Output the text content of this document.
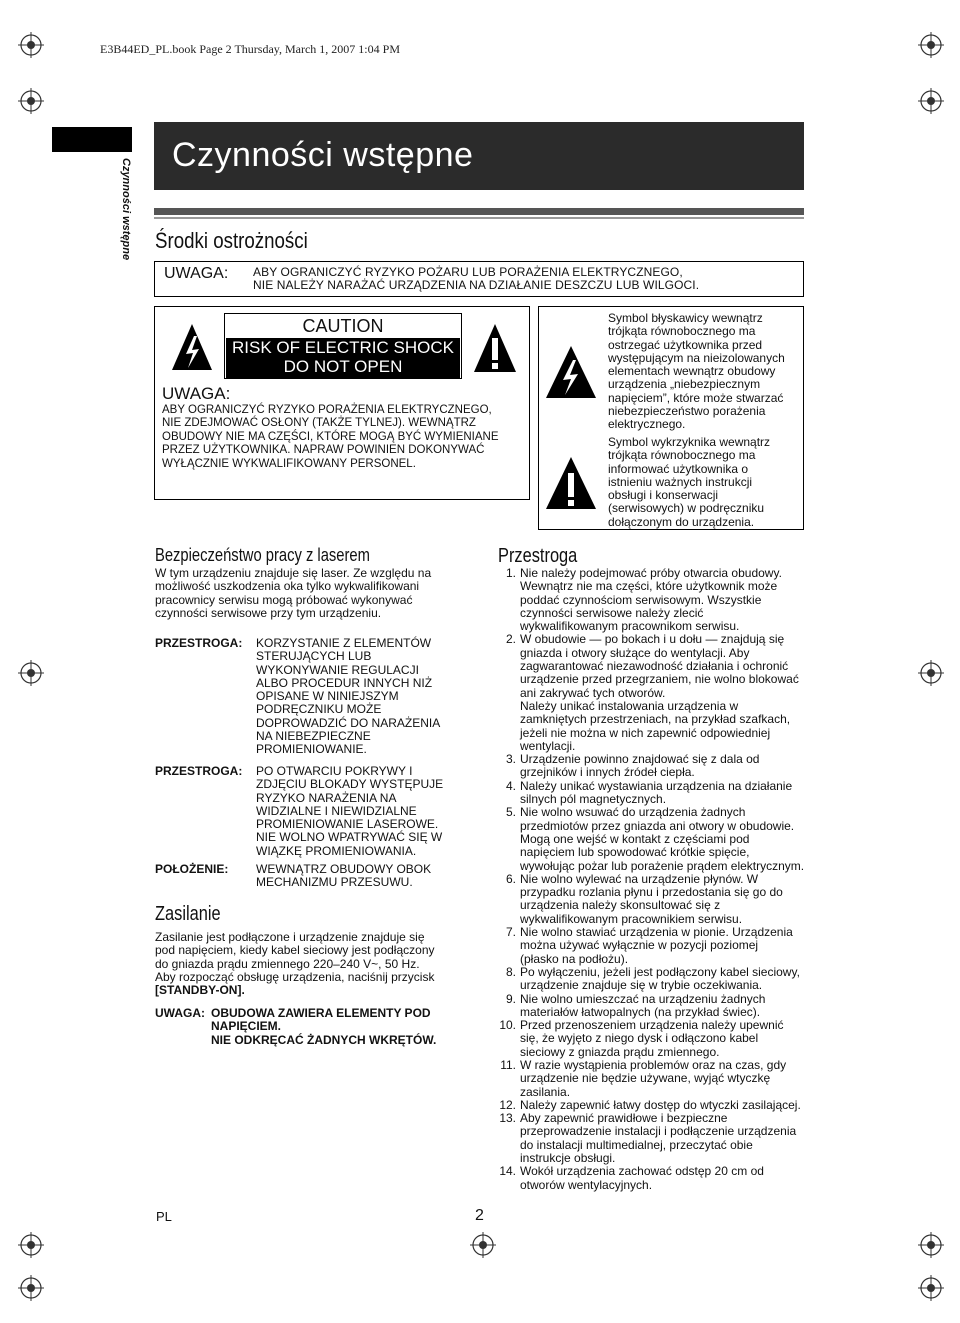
E3B44ED_PL.book Page 2 Thursday, March 1, 2007 1:04 PM
Czynności wstępne
Czynności wstępne
Środki ostrożności
UWAGA: ABY OGRANICZYĆ RYZYKO POŻARU LUB PORAŻENIA ELEKTRYCZNEGO,
NIE NALEŻY NARAŻAĆ URZĄDZENIA NA DZIAŁANIE DESZCZU LUB WILGOCI.
CAUTION
RISK OF ELECTRIC SHOCK
DO NOT OPEN
UWAGA:
ABY OGRANICZYĆ RYZYKO PORAŻENIA ELEKTRYCZNEGO,
NIE ZDEJMOWAĆ OSŁONY (TAKŻE TYLNEJ). WEWNĄTRZ
OBUDOWY NIE MA CZĘŚCI, KTÓRE MOGĄ BYĆ WYMIENIANE
PRZEZ UŻYTKOWNIKA. NAPRAW POWINIEN DOKONYWAĆ
WYŁĄCZNIE WYKWALIFIKOWANY PERSONEL.
Symbol błyskawicy wewnątrz
trójkąta równobocznego ma
ostrzegać użytkownika przed
występującym na nieizolowanych
elementach wewnątrz obudowy
urządzenia „niebezpiecznym
napięciem”, które może stwarzać
niebezpieczeństwo porażenia
elektrycznego.
Symbol wykrzyknika wewnątrz
trójkąta równobocznego ma
informować użytkownika o
istnieniu ważnych instrukcji
obsługi i konserwacji
(serwisowych) w podręczniku
dołączonym do urządzenia.
Bezpieczeństwo pracy z laserem
W tym urządzeniu znajduje się laser. Ze względu na
możliwość uszkodzenia oka tylko wykwalifikowani
pracownicy serwisu mogą próbować wykonywać
czynności serwisowe przy tym urządzeniu.
PRZESTROGA: KORZYSTANIE Z ELEMENTÓW
STERUJĄCYCH LUB
WYKONYWANIE REGULACJI
ALBO PROCEDUR INNYCH NIŻ
OPISANE W NINIEJSZYM
PODRĘCZNIKU MOŻE
DOPROWADZIĆ DO NARAŻENIA
NA NIEBEZPIECZNE
PROMIENIOWANIE.
PRZESTROGA: PO OTWARCIU POKRYWY I
ZDJĘCIU BLOKADY WYSTĘPUJE
RYZYKO NARAŻENIA NA
WIDZIALNE I NIEWIDZIALNE
PROMIENIOWANIE LASEROWE.
NIE WOLNO WPATRYWAĆ SIĘ W
WIĄZKĘ PROMIENIOWANIA.
POŁOŻENIE: WEWNĄTRZ OBUDOWY OBOK
MECHANIZMU PRZESUWU.
Zasilanie
Zasilanie jest podłączone i urządzenie znajduje się
pod napięciem, kiedy kabel sieciowy jest podłączony
do gniazda prądu zmiennego 220–240 V~, 50 Hz.
Aby rozpocząć obsługę urządzenia, naciśnij przycisk
[STANDBY-ON].
UWAGA: OBUDOWA ZAWIERA ELEMENTY POD
NAPIĘCIEM.
NIE ODKRĘCAĆ ŻADNYCH WKRĘTÓW.
Przestroga
1. Nie należy podejmować próby otwarcia obudowy.
Wewnątrz nie ma części, które użytkownik może
poddać czynnościom serwisowym. Wszystkie
czynności serwisowe należy zlecić
wykwalifikowanym pracownikom serwisu.
2. W obudowie — po bokach i u dołu — znajdują się
gniazda i otwory służące do wentylacji. Aby
zagwarantować niezawodność działania i ochronić
urządzenie przed przegrzaniem, nie wolno blokować
ani zakrywać tych otworów.
Należy unikać instalowania urządzenia w
zamkniętych przestrzeniach, na przykład szafkach,
jeżeli nie można w nich zapewnić odpowiedniej
wentylacji.
3. Urządzenie powinno znajdować się z dala od
grzejników i innych źródeł ciepła.
4. Należy unikać wystawiania urządzenia na działanie
silnych pól magnetycznych.
5. Nie wolno wsuwać do urządzenia żadnych
przedmiotów przez gniazda ani otwory w obudowie.
Mogą one wejść w kontakt z częściami pod
napięciem lub spowodować krótkie spięcie,
wywołując pożar lub porażenie prądem elektrycznym.
6. Nie wolno wylewać na urządzenie płynów. W
przypadku rozlania płynu i przedostania się go do
urządzenia należy skonsultować się z
wykwalifikowanym pracownikiem serwisu.
7. Nie wolno stawiać urządzenia w pionie. Urządzenia
można używać wyłącznie w pozycji poziomej
(płasko na podłożu).
8. Po wyłączeniu, jeżeli jest podłączony kabel sieciowy,
urządzenie znajduje się w trybie oczekiwania.
9. Nie wolno umieszczać na urządzeniu żadnych
materiałów łatwopalnych (na przykład świec).
10. Przed przenoszeniem urządzenia należy upewnić
się, że wyjęto z niego dysk i odłączono kabel
sieciowy z gniazda prądu zmiennego.
11. W razie wystąpienia problemów oraz na czas, gdy
urządzenie nie będzie używane, wyjąć wtyczkę
zasilania.
12. Należy zapewnić łatwy dostęp do wtyczki zasilającej.
13. Aby zapewnić prawidłowe i bezpieczne
przeprowadzenie instalacji i podłączenie urządzenia
do instalacji multimedialnej, przeczytać obie
instrukcje obsługi.
14. Wokół urządzenia zachować odstęp 20 cm od
otworów wentylacyjnych.
PL	2
